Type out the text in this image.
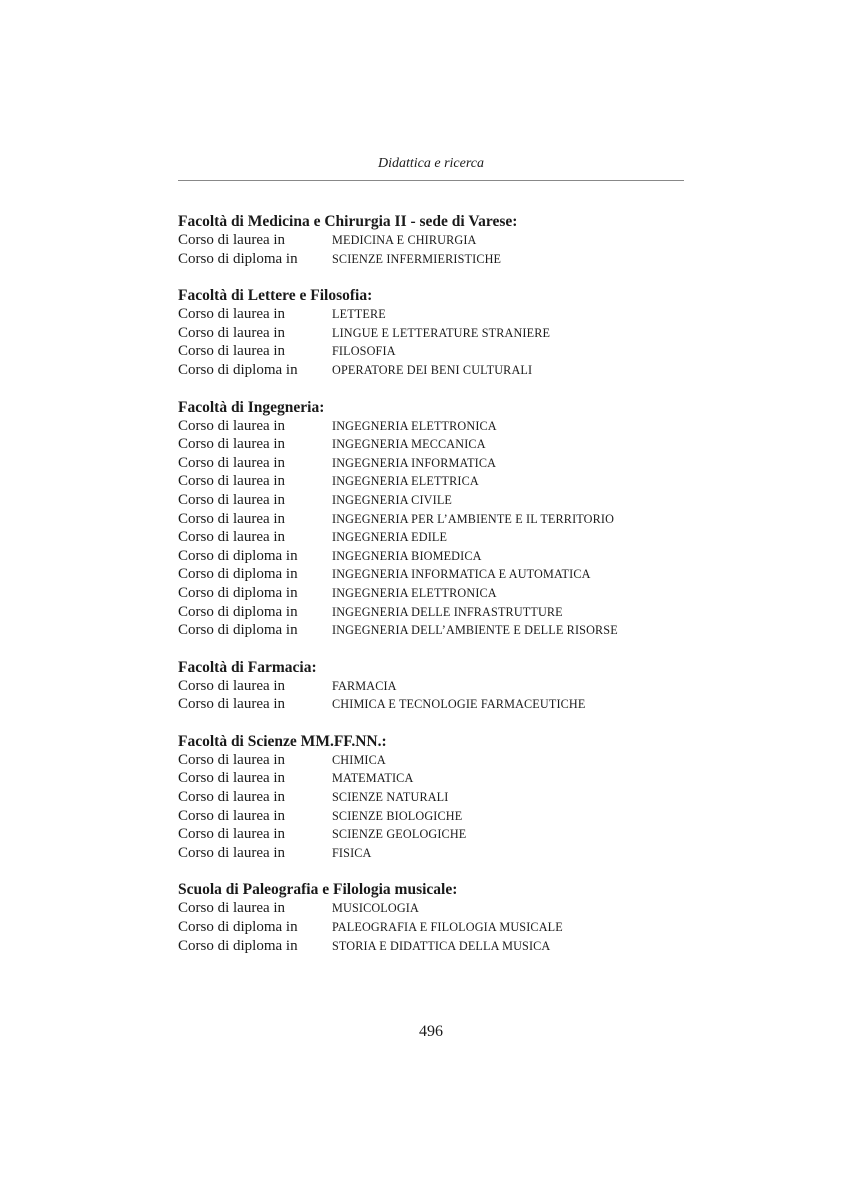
Didattica e ricerca
Facoltà di Medicina e Chirurgia II - sede di Varese:
Corso di laurea in	MEDICINA E CHIRURGIA
Corso di diploma in	SCIENZE INFERMIERISTICHE
Facoltà di Lettere e Filosofia:
Corso di laurea in	LETTERE
Corso di laurea in	LINGUE E LETTERATURE STRANIERE
Corso di laurea in	FILOSOFIA
Corso di diploma in	OPERATORE DEI BENI CULTURALI
Facoltà di Ingegneria:
Corso di laurea in	INGEGNERIA ELETTRONICA
Corso di laurea in	INGEGNERIA MECCANICA
Corso di laurea in	INGEGNERIA INFORMATICA
Corso di laurea in	INGEGNERIA ELETTRICA
Corso di laurea in	INGEGNERIA CIVILE
Corso di laurea in	INGEGNERIA PER L’AMBIENTE E IL TERRITORIO
Corso di laurea in	INGEGNERIA EDILE
Corso di diploma in	INGEGNERIA BIOMEDICA
Corso di diploma in	INGEGNERIA INFORMATICA E AUTOMATICA
Corso di diploma in	INGEGNERIA ELETTRONICA
Corso di diploma in	INGEGNERIA DELLE INFRASTRUTTURE
Corso di diploma in	INGEGNERIA DELL’AMBIENTE E DELLE RISORSE
Facoltà di Farmacia:
Corso di laurea in	FARMACIA
Corso di laurea in	CHIMICA E TECNOLOGIE FARMACEUTICHE
Facoltà di Scienze MM.FF.NN.:
Corso di laurea in	CHIMICA
Corso di laurea in	MATEMATICA
Corso di laurea in	SCIENZE NATURALI
Corso di laurea in	SCIENZE BIOLOGICHE
Corso di laurea in	SCIENZE GEOLOGICHE
Corso di laurea in	FISICA
Scuola di Paleografia e Filologia musicale:
Corso di laurea in	MUSICOLOGIA
Corso di diploma in	PALEOGRAFIA E FILOLOGIA MUSICALE
Corso di diploma in	STORIA E DIDATTICA DELLA MUSICA
496
